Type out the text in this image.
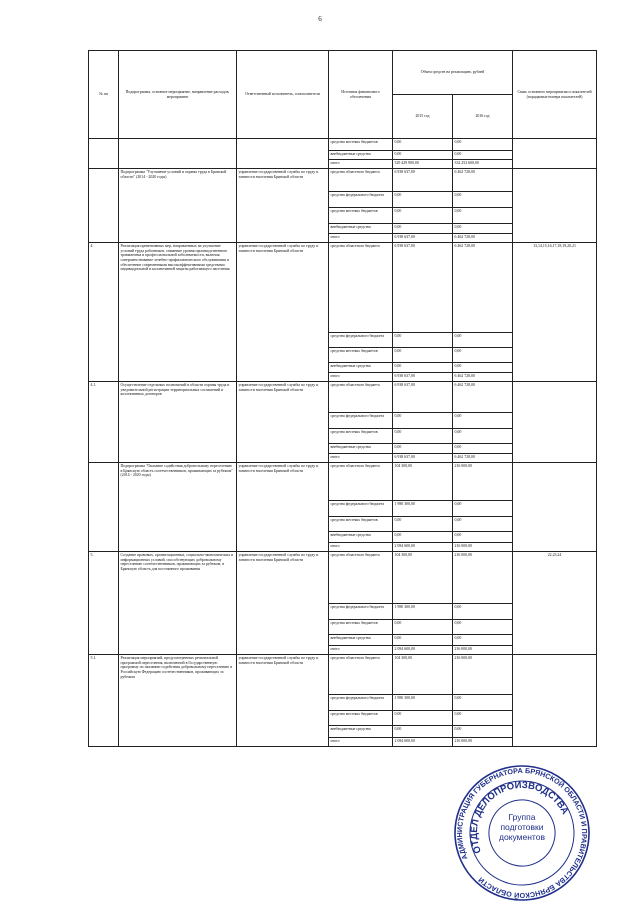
6
№ пп	Подпрограмма, основное мероприятие, направление расходов, мероприятие	Ответственный исполнитель, соисполнители	Источник финансового обеспечения	Объем средств на реализацию, рублей		Связь основного мероприятия и показателей (порядковые номера показателей)
				2015 год	2016 год	
			средства местных бюджетов	0,00	0,00	
			внебюджетные средства	0,00	0,00	
			итого	329 429 900,00	332 252 600,00	
	Подпрограмма "Улучшение условий и охраны труда в Брянской области" (2014 - 2020 годы)	управление государственной службы по труду и занятости населения Брянской области	средства областного бюджета	6 938 637,00	6 462 728,00	
			средства федерального бюджета	0,00	0,00	
			средства местных бюджетов	0,00	0,00	
			внебюджетные средства	0,00	0,00	
			итого	6 938 637,00	6 462 728,00	
4.	Реализация превентивных мер, направленных на улучшение условий труда работников, снижение уровня производственного травматизма и профессиональной заболеваемости, включая совершенствование лечебно-профилактического обслуживания и обеспечение современными высокоэффективными средствами индивидуальной и коллективной защиты работающего населения	управление государственной службы по труду и занятости населения Брянской области	средства областного бюджета	6 938 637,00	6 462 728,00	13,14,15,16,17,18,19,20,21
			средства федерального бюджета	0,00	0,00	
			средства местных бюджетов	0,00	0,00	
			внебюджетные средства	0,00	0,00	
			итого	6 938 637,00	6 462 728,00	
4.1.	Осуществление отдельных полномочий в области охраны труда и уведомительной регистрации территориальных соглашений и коллективных договоров	управление государственной службы по труду и занятости населения Брянской области	средства областного бюджета	6 938 637,00	6 462 728,00	
			средства федерального бюджета	0,00	0,00	
			средства местных бюджетов	0,00	0,00	
			внебюджетные средства	0,00	0,00	
			итого	6 938 637,00	6 462 728,00	
	Подпрограмма "Оказание содействия добровольному переселению в Брянскую область соотечественников, проживающих за рубежом" (2014 - 2020 годы)	управление государственной службы по труду и занятости населения Брянской области	средства областного бюджета	104 300,00	216 000,00	
			средства федерального бюджета	1 980 300,00	0,00	
			средства местных бюджетов	0,00	0,00	
			внебюджетные средства	0,00	0,00	
			итого	2 084 600,00	216 000,00	
5.	Создание правовых, организационных, социально-экономических и информационных условий, способствующих добровольному переселению соотечественников, проживающих за рубежом, в Брянскую область для постоянного проживания	управление государственной службы по труду и занятости населения Брянской области	средства областного бюджета	104 300,00	216 000,00	22,23,24
			средства федерального бюджета	1 980 300,00	0,00	
			средства местных бюджетов	0,00	0,00	
			внебюджетные средства	0,00	0,00	
			итого	2 084 600,00	216 000,00	
5.1.	Реализация мероприятий, предусмотренных региональной программой переселения, включенной в Государственную программу по оказанию содействия добровольному переселению в Российскую Федерацию соотечественников, проживающих за рубежом	управление государственной службы по труду и занятости населения Брянской области	средства областного бюджета	104 300,00	216 000,00	
			средства федерального бюджета	1 980 300,00	0,00	
			средства местных бюджетов	0,00	0,00	
			внебюджетные средства	0,00	0,00	
			итого	2 084 600,00	216 000,00	
АДМИНИСТРАЦИЯ ГУБЕРНАТОРА БРЯНСКОЙ ОБЛАСТИ И ПРАВИТЕЛЬСТВА БРЯНСКОЙ ОБЛАСТИ
ОТДЕЛ ДЕЛОПРОИЗВОДСТВА
Группа подготовки документов
